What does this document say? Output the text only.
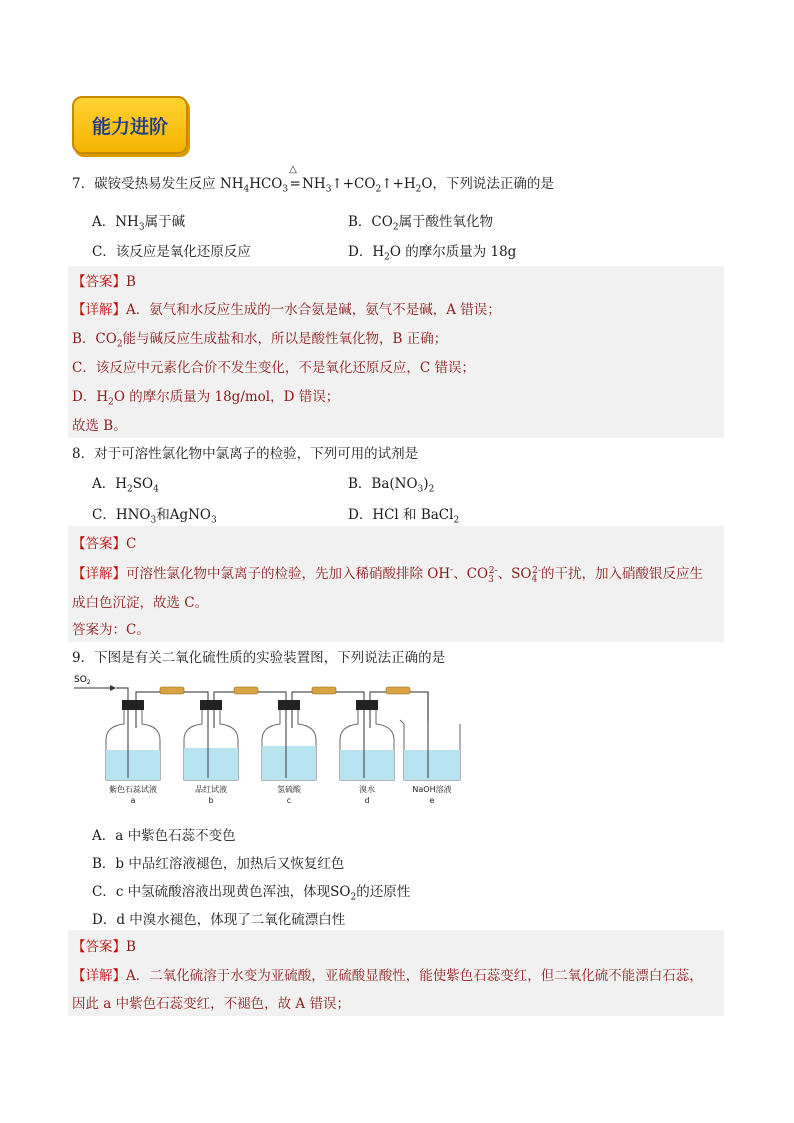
能力进阶
7．碳铵受热易发生反应 $NH_4HCO_3$
△
$=NH_3↑+CO_2↑+H_2O$，下列说法正确的是
A．$NH_3$属于碱	B．$CO_2$属于酸性氧化物
C．该反应是氧化还原反应	D．$H_2O$ 的摩尔质量为 18g
【答案】B
【详解】A．氨气和水反应生成的一水合氨是碱，氨气不是碱，A 错误；
B．$CO_2$能与碱反应生成盐和水，所以是酸性氧化物，B 正确；
C．该反应中元素化合价不发生变化，不是氧化还原反应，C 错误；
D．$H_2O$ 的摩尔质量为 18g/mol，D 错误；
故选 B。
8．对于可溶性氯化物中氯离子的检验，下列可用的试剂是
A．$H_2SO_4$	B．$Ba(NO_3)_2$
C．$HNO_3$和AgNO$_3$	D．HCl 和 BaCl$_2$
【答案】C
【详解】可溶性氯化物中氯离子的检验，先加入稀硝酸排除 OH-、$CO_3^{2-}$、$SO_4^{2-}$的干扰，加入硝酸银反应生
成白色沉淀，故选 C。
答案为：C。
9．下图是有关二氧化硫性质的实验装置图，下列说法正确的是
$SO_2$
紫色石蕊试液
a
品红试液
b
氢硫酸
c
溴水
d
NaOH溶液
e
A．a 中紫色石蕊不变色
B．b 中品红溶液褪色，加热后又恢复红色
C．c 中氢硫酸溶液出现黄色浑浊，体现$SO_2$的还原性
D．d 中溴水褪色，体现了二氧化硫漂白性
【答案】B
【详解】A．二氧化硫溶于水变为亚硫酸，亚硫酸显酸性，能使紫色石蕊变红，但二氧化硫不能漂白石蕊，
因此 a 中紫色石蕊变红，不褪色，故 A 错误；
